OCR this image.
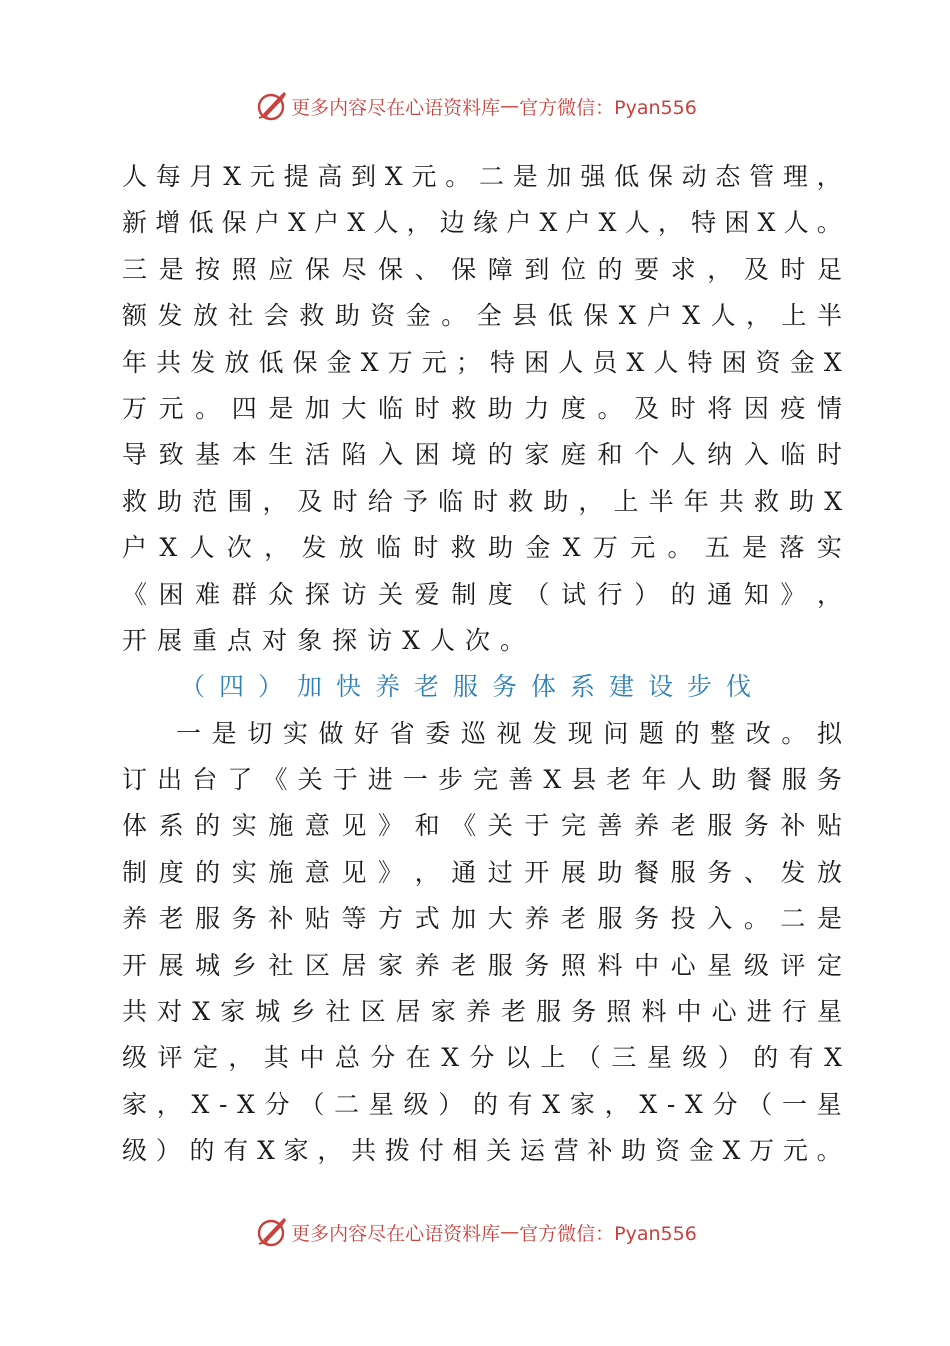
更多内容尽在心语资料库 — 官方微信：Pyan556
人 每 月 X 元 提 高 到 X 元 。 二 是 加 强 低 保 动 态 管 理 ，
新 增 低 保 户 X 户 X 人 ， 边 缘 户 X 户 X 人 ， 特 困 X 人 。
三 是 按 照 应 保 尽 保 、 保 障 到 位 的 要 求 ， 及 时 足
额 发 放 社 会 救 助 资 金 。 全 县 低 保 X 户 X 人 ， 上 半
年 共 发 放 低 保 金 X 万 元 ； 特 困 人 员 X 人 特 困 资 金 X
万 元 。 四 是 加 大 临 时 救 助 力 度 。 及 时 将 因 疫 情
导 致 基 本 生 活 陷 入 困 境 的 家 庭 和 个 人 纳 入 临 时
救 助 范 围 ， 及 时 给 予 临 时 救 助 ， 上 半 年 共 救 助 X
户 X 人 次 ， 发 放 临 时 救 助 金 X 万 元 。 五 是 落 实
《 困 难 群 众 探 访 关 爱 制 度 （ 试 行 ） 的 通 知 》 ，
开 展 重 点 对 象 探 访 X 人 次 。
（四）加快养老服务体系建设步伐
一 是 切 实 做 好 省 委 巡 视 发 现 问 题 的 整 改 。 拟
订 出 台 了 《 关 于 进 一 步 完 善 X 县 老 年 人 助 餐 服 务
体 系 的 实 施 意 见 》 和 《 关 于 完 善 养 老 服 务 补 贴
制 度 的 实 施 意 见 》 ， 通 过 开 展 助 餐 服 务 、 发 放
养 老 服 务 补 贴 等 方 式 加 大 养 老 服 务 投 入 。 二 是
开 展 城 乡 社 区 居 家 养 老 服 务 照 料 中 心 星 级 评 定
共 对 X 家 城 乡 社 区 居 家 养 老 服 务 照 料 中 心 进 行 星
级 评 定 ， 其 中 总 分 在 X 分 以 上 （ 三 星 级 ） 的 有 X
家 ， X - X 分 （ 二 星 级 ） 的 有 X 家 ， X - X 分 （ 一 星
级 ） 的 有 X 家 ， 共 拨 付 相 关 运 营 补 助 资 金 X 万 元 。
更多内容尽在心语资料库 — 官方微信：Pyan556
